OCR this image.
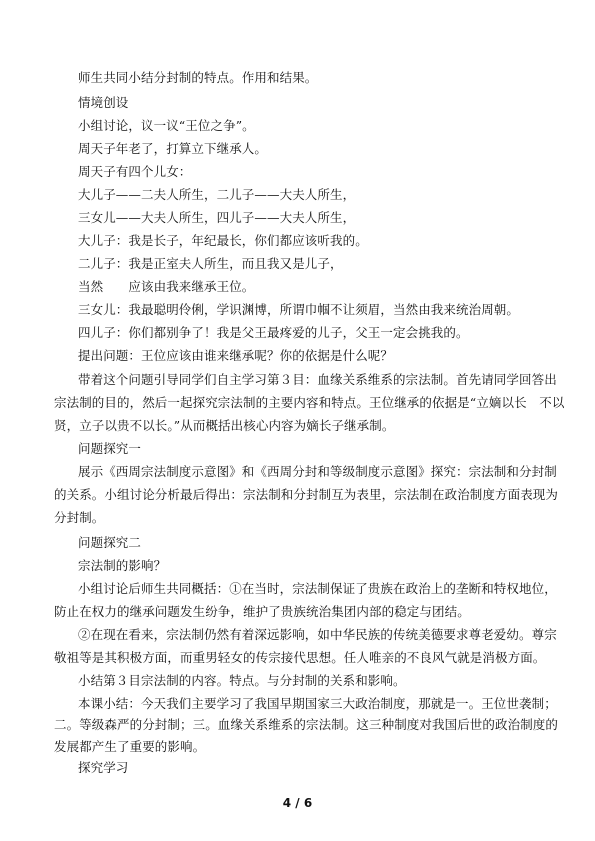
师生共同小结分封制的特点。作用和结果。
情境创设
小组讨论，议一议“王位之争”。
周天子年老了，打算立下继承人。
周天子有四个儿女：
大儿子——二夫人所生，二儿子——大夫人所生，
三女儿——大夫人所生，四儿子——大夫人所生，
大儿子：我是长子，年纪最长，你们都应该听我的。
二儿子：我是正室夫人所生，而且我又是儿子，
当然　　应该由我来继承王位。
三女儿：我最聪明伶俐，学识渊博，所谓巾帼不让须眉，当然由我来统治周朝。
四儿子：你们都别争了！我是父王最疼爱的儿子，父王一定会挑我的。
提出问题：王位应该由谁来继承呢？你的依据是什么呢？
带着这个问题引导同学们自主学习第３目：血缘关系维系的宗法制。首先请同学回答出
宗法制的目的，然后一起探究宗法制的主要内容和特点。王位继承的依据是“立嫡以长　不以
贤，立子以贵不以长。”从而概括出核心内容为嫡长子继承制。
问题探究一
展示《西周宗法制度示意图》和《西周分封和等级制度示意图》探究：宗法制和分封制
的关系。小组讨论分析最后得出：宗法制和分封制互为表里，宗法制在政治制度方面表现为
分封制。
问题探究二
宗法制的影响？
小组讨论后师生共同概括：①在当时，宗法制保证了贵族在政治上的垄断和特权地位，
防止在权力的继承问题发生纷争，维护了贵族统治集团内部的稳定与团结。
②在现在看来，宗法制仍然有着深远影响，如中华民族的传统美德要求尊老爱幼。尊宗
敬祖等是其积极方面，而重男轻女的传宗接代思想。任人唯亲的不良风气就是消极方面。
小结第３目宗法制的内容。特点。与分封制的关系和影响。
本课小结：今天我们主要学习了我国早期国家三大政治制度，那就是一。王位世袭制；
二。等级森严的分封制；三。血缘关系维系的宗法制。这三种制度对我国后世的政治制度的
发展都产生了重要的影响。
探究学习
4 / 6
